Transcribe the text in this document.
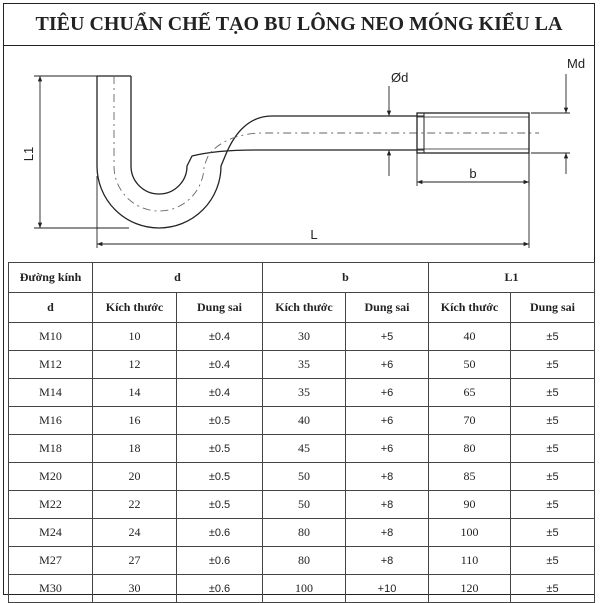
TIÊU CHUẨN CHẾ TẠO BU LÔNG NEO MÓNG KIỂU LA
Ød
Md
L1
b
L
Đường kính	d		b		L1	
d	Kích thước	Dung sai	Kích thước	Dung sai	Kích thước	Dung sai
M10	10	±0.4	30	+5	40	±5
M12	12	±0.4	35	+6	50	±5
M14	14	±0.4	35	+6	65	±5
M16	16	±0.5	40	+6	70	±5
M18	18	±0.5	45	+6	80	±5
M20	20	±0.5	50	+8	85	±5
M22	22	±0.5	50	+8	90	±5
M24	24	±0.6	80	+8	100	±5
M27	27	±0.6	80	+8	110	±5
M30	30	±0.6	100	+10	120	±5
